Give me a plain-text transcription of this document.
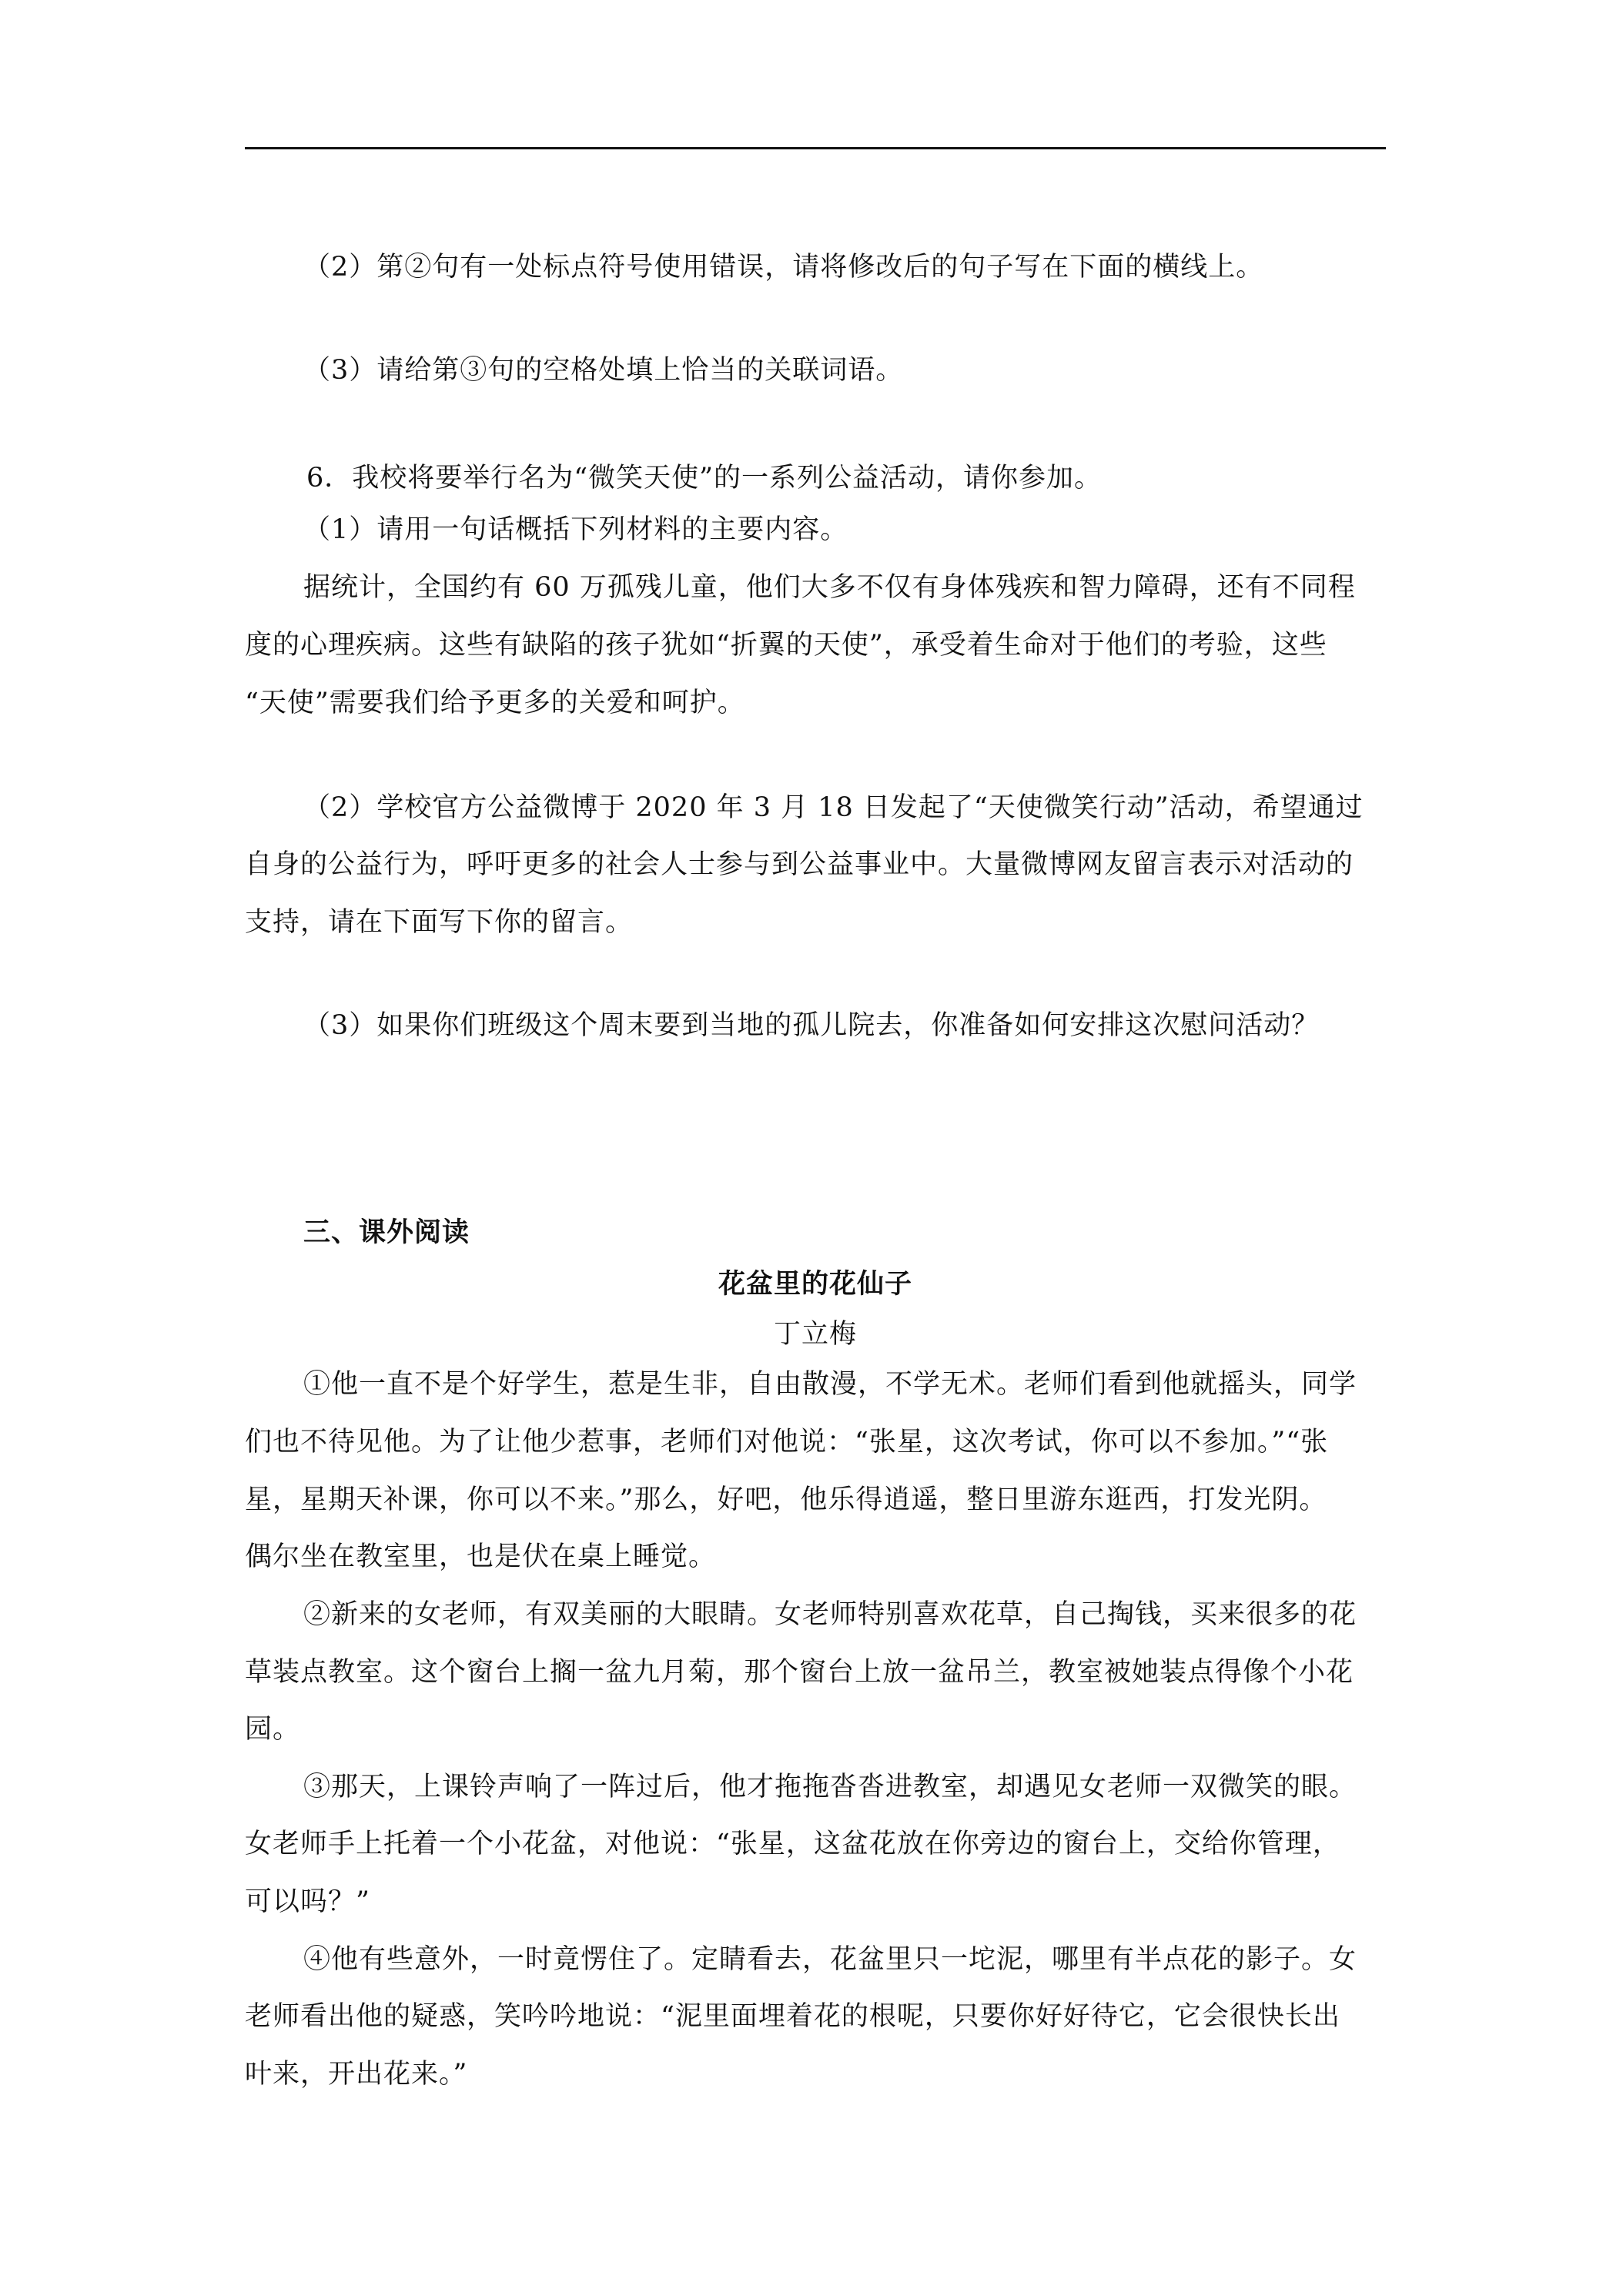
（2）第②句有一处标点符号使用错误，请将修改后的句子写在下面的横线上。
（3）请给第③句的空格处填上恰当的关联词语。
6．我校将要举行名为“微笑天使”的一系列公益活动，请你参加。
（1）请用一句话概括下列材料的主要内容。
据统计，全国约有 60 万孤残儿童，他们大多不仅有身体残疾和智力障碍，还有不同程
度的心理疾病。这些有缺陷的孩子犹如“折翼的天使”，承受着生命对于他们的考验，这些
“天使”需要我们给予更多的关爱和呵护。
（2）学校官方公益微博于 2020 年 3 月 18 日发起了“天使微笑行动”活动，希望通过
自身的公益行为，呼吁更多的社会人士参与到公益事业中。大量微博网友留言表示对活动的
支持，请在下面写下你的留言。
（3）如果你们班级这个周末要到当地的孤儿院去，你准备如何安排这次慰问活动？
三、课外阅读
花盆里的花仙子
丁立梅
①他一直不是个好学生，惹是生非，自由散漫，不学无术。老师们看到他就摇头，同学
们也不待见他。为了让他少惹事，老师们对他说：“张星，这次考试，你可以不参加。”“张
星，星期天补课，你可以不来。”那么，好吧，他乐得逍遥，整日里游东逛西，打发光阴。
偶尔坐在教室里，也是伏在桌上睡觉。
②新来的女老师，有双美丽的大眼睛。女老师特别喜欢花草，自己掏钱，买来很多的花
草装点教室。这个窗台上搁一盆九月菊，那个窗台上放一盆吊兰，教室被她装点得像个小花
园。
③那天，上课铃声响了一阵过后，他才拖拖沓沓进教室，却遇见女老师一双微笑的眼。
女老师手上托着一个小花盆，对他说：“张星，这盆花放在你旁边的窗台上，交给你管理，
可以吗？”
④他有些意外，一时竟愣住了。定睛看去，花盆里只一坨泥，哪里有半点花的影子。女
老师看出他的疑惑，笑吟吟地说：“泥里面埋着花的根呢，只要你好好待它，它会很快长出
叶来，开出花来。”
